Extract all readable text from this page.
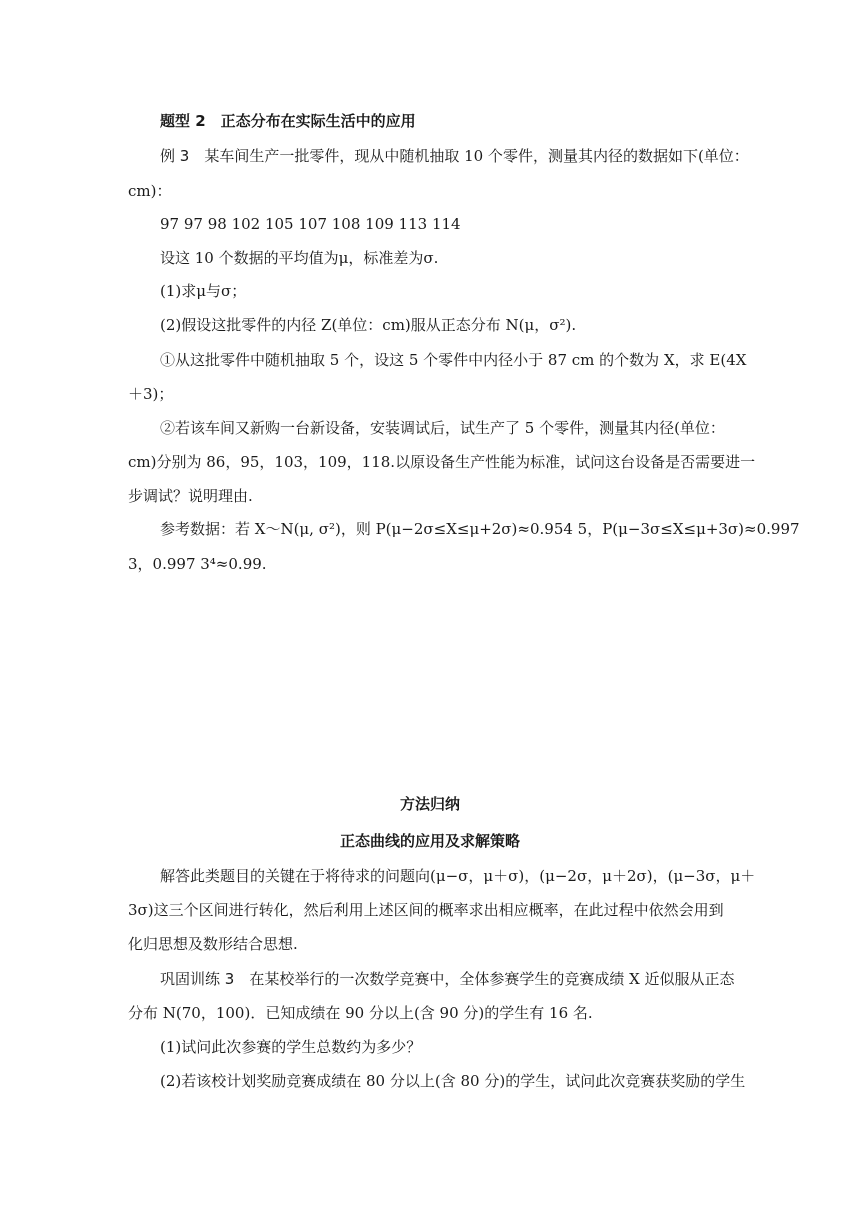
题型 2　正态分布在实际生活中的应用
例 3　某车间生产一批零件，现从中随机抽取 10 个零件，测量其内径的数据如下(单位：
cm)：
97 97 98 102 105 107 108 109 113 114
设这 10 个数据的平均值为μ，标准差为σ.
(1)求μ与σ；
(2)假设这批零件的内径 Z(单位：cm)服从正态分布 N(μ，σ²).
①从这批零件中随机抽取 5 个，设这 5 个零件中内径小于 87 cm 的个数为 X，求 E(4X
＋3)；
②若该车间又新购一台新设备，安装调试后，试生产了 5 个零件，测量其内径(单位：
cm)分别为 86，95，103，109，118.以原设备生产性能为标准，试问这台设备是否需要进一
步调试？说明理由.
参考数据：若 X～N(μ, σ²)，则 P(μ−2σ≤X≤μ+2σ)≈0.954 5，P(μ−3σ≤X≤μ+3σ)≈0.997
3，0.997 3⁴≈0.99.
方法归纳
正态曲线的应用及求解策略
解答此类题目的关键在于将待求的问题向(μ−σ，μ＋σ)，(μ−2σ，μ＋2σ)，(μ−3σ，μ＋
3σ)这三个区间进行转化，然后利用上述区间的概率求出相应概率，在此过程中依然会用到
化归思想及数形结合思想.
巩固训练 3　在某校举行的一次数学竞赛中，全体参赛学生的竞赛成绩 X 近似服从正态
分布 N(70，100)．已知成绩在 90 分以上(含 90 分)的学生有 16 名.
(1)试问此次参赛的学生总数约为多少？
(2)若该校计划奖励竞赛成绩在 80 分以上(含 80 分)的学生，试问此次竞赛获奖励的学生
